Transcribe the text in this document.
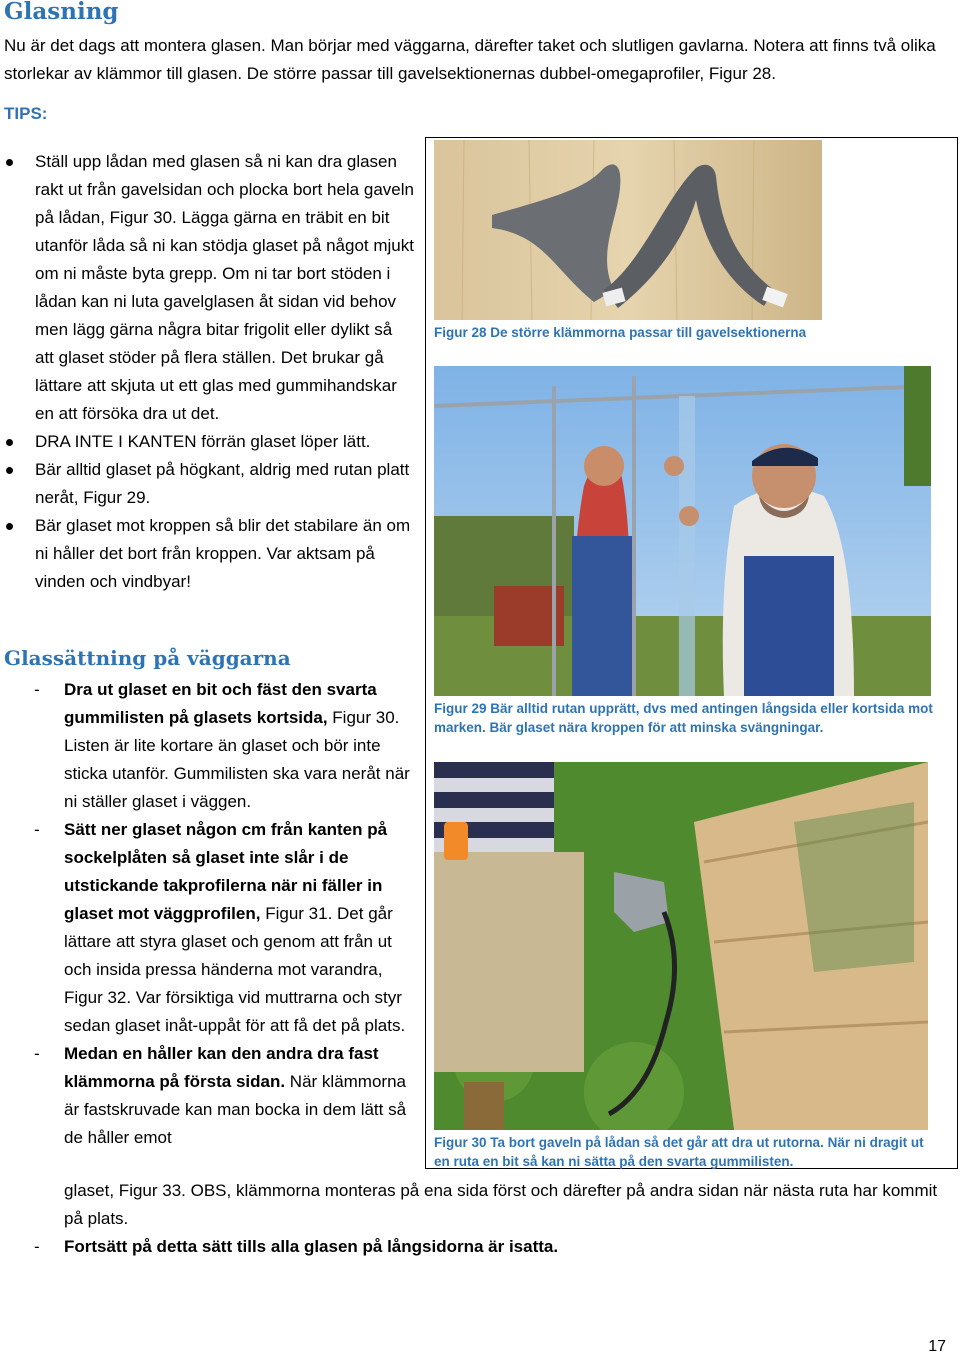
Glasning
Nu är det dags att montera glasen. Man börjar med väggarna, därefter taket och slutligen gavlarna. Notera att finns två olika storlekar av klämmor till glasen. De större passar till gavelsektionernas dubbel-omegaprofiler, Figur 28.
TIPS:
Ställ upp lådan med glasen så ni kan dra glasen rakt ut från gavelsidan och plocka bort hela gaveln på lådan, Figur 30. Lägga gärna en träbit en bit utanför låda så ni kan stödja glaset på något mjukt om ni måste byta grepp. Om ni tar bort stöden i lådan kan ni luta gavelglasen åt sidan vid behov men lägg gärna några bitar frigolit eller dylikt så att glaset stöder på flera ställen. Det brukar gå lättare att skjuta ut ett glas med gummihandskar en att försöka dra ut det.
DRA INTE I KANTEN förrän glaset löper lätt.
Bär alltid glaset på högkant, aldrig med rutan platt neråt, Figur 29.
Bär glaset mot kroppen så blir det stabilare än om ni håller det bort från kroppen. Var aktsam på vinden och vindbyar!
Glassättning på väggarna
- Dra ut glaset en bit och fäst den svarta gummilisten på glasets kortsida, Figur 30. Listen är lite kortare än glaset och bör inte sticka utanför. Gummilisten ska vara neråt när ni ställer glaset i väggen.
- Sätt ner glaset någon cm från kanten på sockelplåten så glaset inte slår i de utstickande takprofilerna när ni fäller in glaset mot väggprofilen, Figur 31. Det går lättare att styra glaset och genom att från ut och insida pressa händerna mot varandra, Figur 32. Var försiktiga vid muttrarna och styr sedan glaset inåt-uppåt för att få det på plats.
- Medan en håller kan den andra dra fast klämmorna på första sidan. När klämmorna är fastskruvade kan man bocka in dem lätt så de håller emot
glaset, Figur 33. OBS, klämmorna monteras på ena sida först och därefter på andra sidan när nästa ruta har kommit på plats.
- Fortsätt på detta sätt tills alla glasen på långsidorna är isatta.
Figur 28 De större klämmorna passar till gavelsektionerna
Figur 29 Bär alltid rutan upprätt, dvs med antingen långsida eller kortsida mot marken. Bär glaset nära kroppen för att minska svängningar.
Figur 30 Ta bort gaveln på lådan så det går att dra ut rutorna. När ni dragit ut en ruta en bit så kan ni sätta på den svarta gummilisten.
17
